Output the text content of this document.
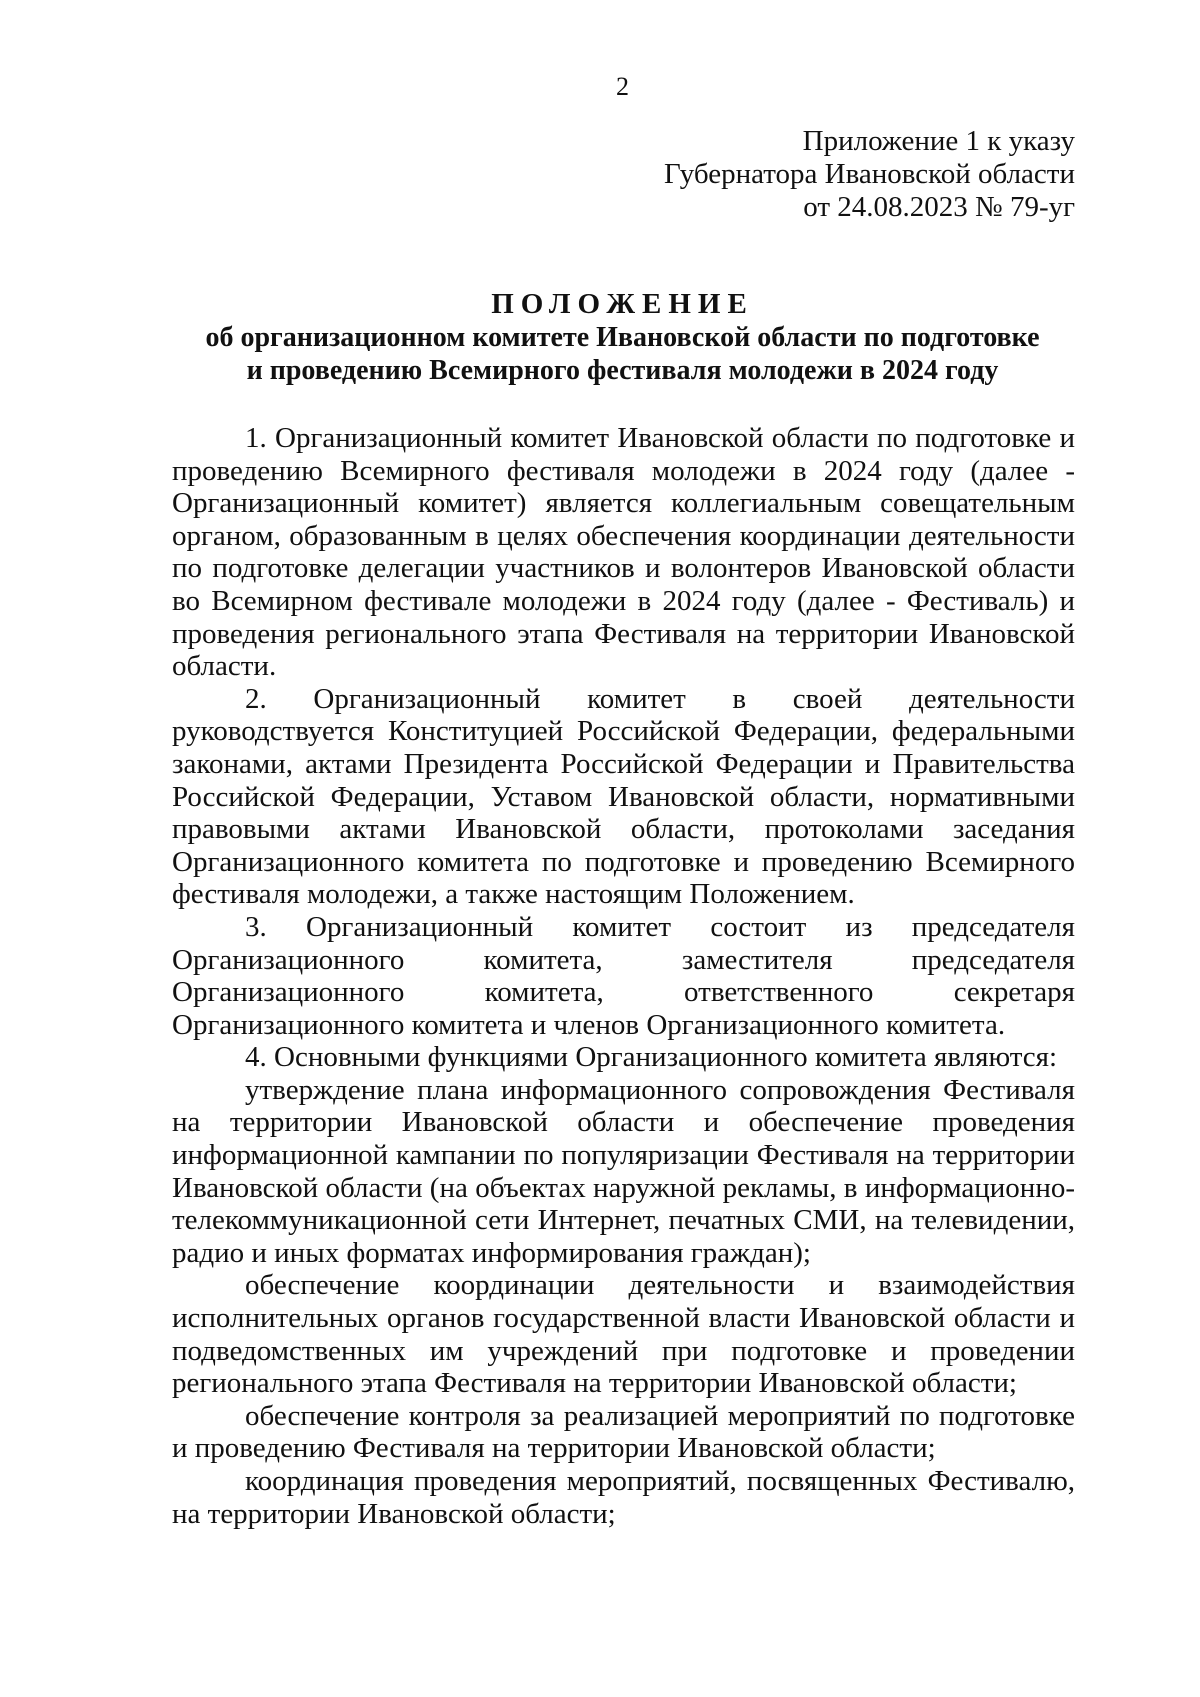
2
Приложение 1 к указу
Губернатора Ивановской области
от 24.08.2023 № 79-уг
ПОЛОЖЕНИЕ
об организационном комитете Ивановской области по подготовке
и проведению Всемирного фестиваля молодежи в 2024 году

1. Организационный комитет Ивановской области по подготовке и проведению Всемирного фестиваля молодежи в 2024 году (далее - Организационный комитет) является коллегиальным совещательным органом, образованным в целях обеспечения координации деятельности по подготовке делегации участников и волонтеров Ивановской области во Всемирном фестивале молодежи в 2024 году (далее - Фестиваль) и проведения регионального этапа Фестиваля на территории Ивановской области.

2. Организационный комитет в своей деятельности руководствуется Конституцией Российской Федерации, федеральными законами, актами Президента Российской Федерации и Правительства Российской Федерации, Уставом Ивановской области, нормативными правовыми актами Ивановской области, протоколами заседания Организационного комитета по подготовке и проведению Всемирного фестиваля молодежи, а также настоящим Положением.

3. Организационный комитет состоит из председателя Организационного комитета, заместителя председателя Организационного комитета, ответственного секретаря Организационного комитета и членов Организационного комитета.

4. Основными функциями Организационного комитета являются:

утверждение плана информационного сопровождения Фестиваля на территории Ивановской области и обеспечение проведения информационной кампании по популяризации Фестиваля на территории Ивановской области (на объектах наружной рекламы, в информационно-телекоммуникационной сети Интернет, печатных СМИ, на телевидении, радио и иных форматах информирования граждан);

обеспечение координации деятельности и взаимодействия исполнительных органов государственной власти Ивановской области и подведомственных им учреждений при подготовке и проведении регионального этапа Фестиваля на территории Ивановской области;

обеспечение контроля за реализацией мероприятий по подготовке и проведению Фестиваля на территории Ивановской области;

координация проведения мероприятий, посвященных Фестивалю, на территории Ивановской области;
